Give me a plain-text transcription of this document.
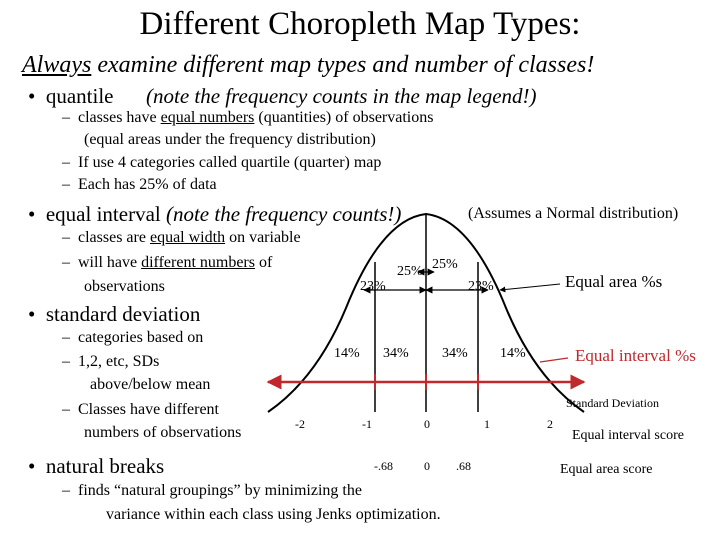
Different Choropleth Map Types:
Always examine different map types and number of classes!
• quantile (note the frequency counts in the map legend!)
– classes have equal numbers (quantities) of observations
(equal areas under the frequency distribution)
– If use 4 categories called quartile (quarter) map
– Each has 25% of data
• equal interval (note the frequency counts!)	(Assumes a Normal distribution)
– classes are equal width on variable
– will have different numbers of
observations
• standard deviation
– categories based on
– 1,2, etc, SDs
above/below mean
– Classes have different
numbers of observations
• natural breaks
– finds “natural groupings” by minimizing the
variance within each class using Jenks optimization.
23%
25% 25%
23%	Equal area %s
14% 34% 34% 14%	Equal interval %s
Standard Deviation
-2	-1	0	1	2
Equal interval score
-.68	0 .68	Equal area score
